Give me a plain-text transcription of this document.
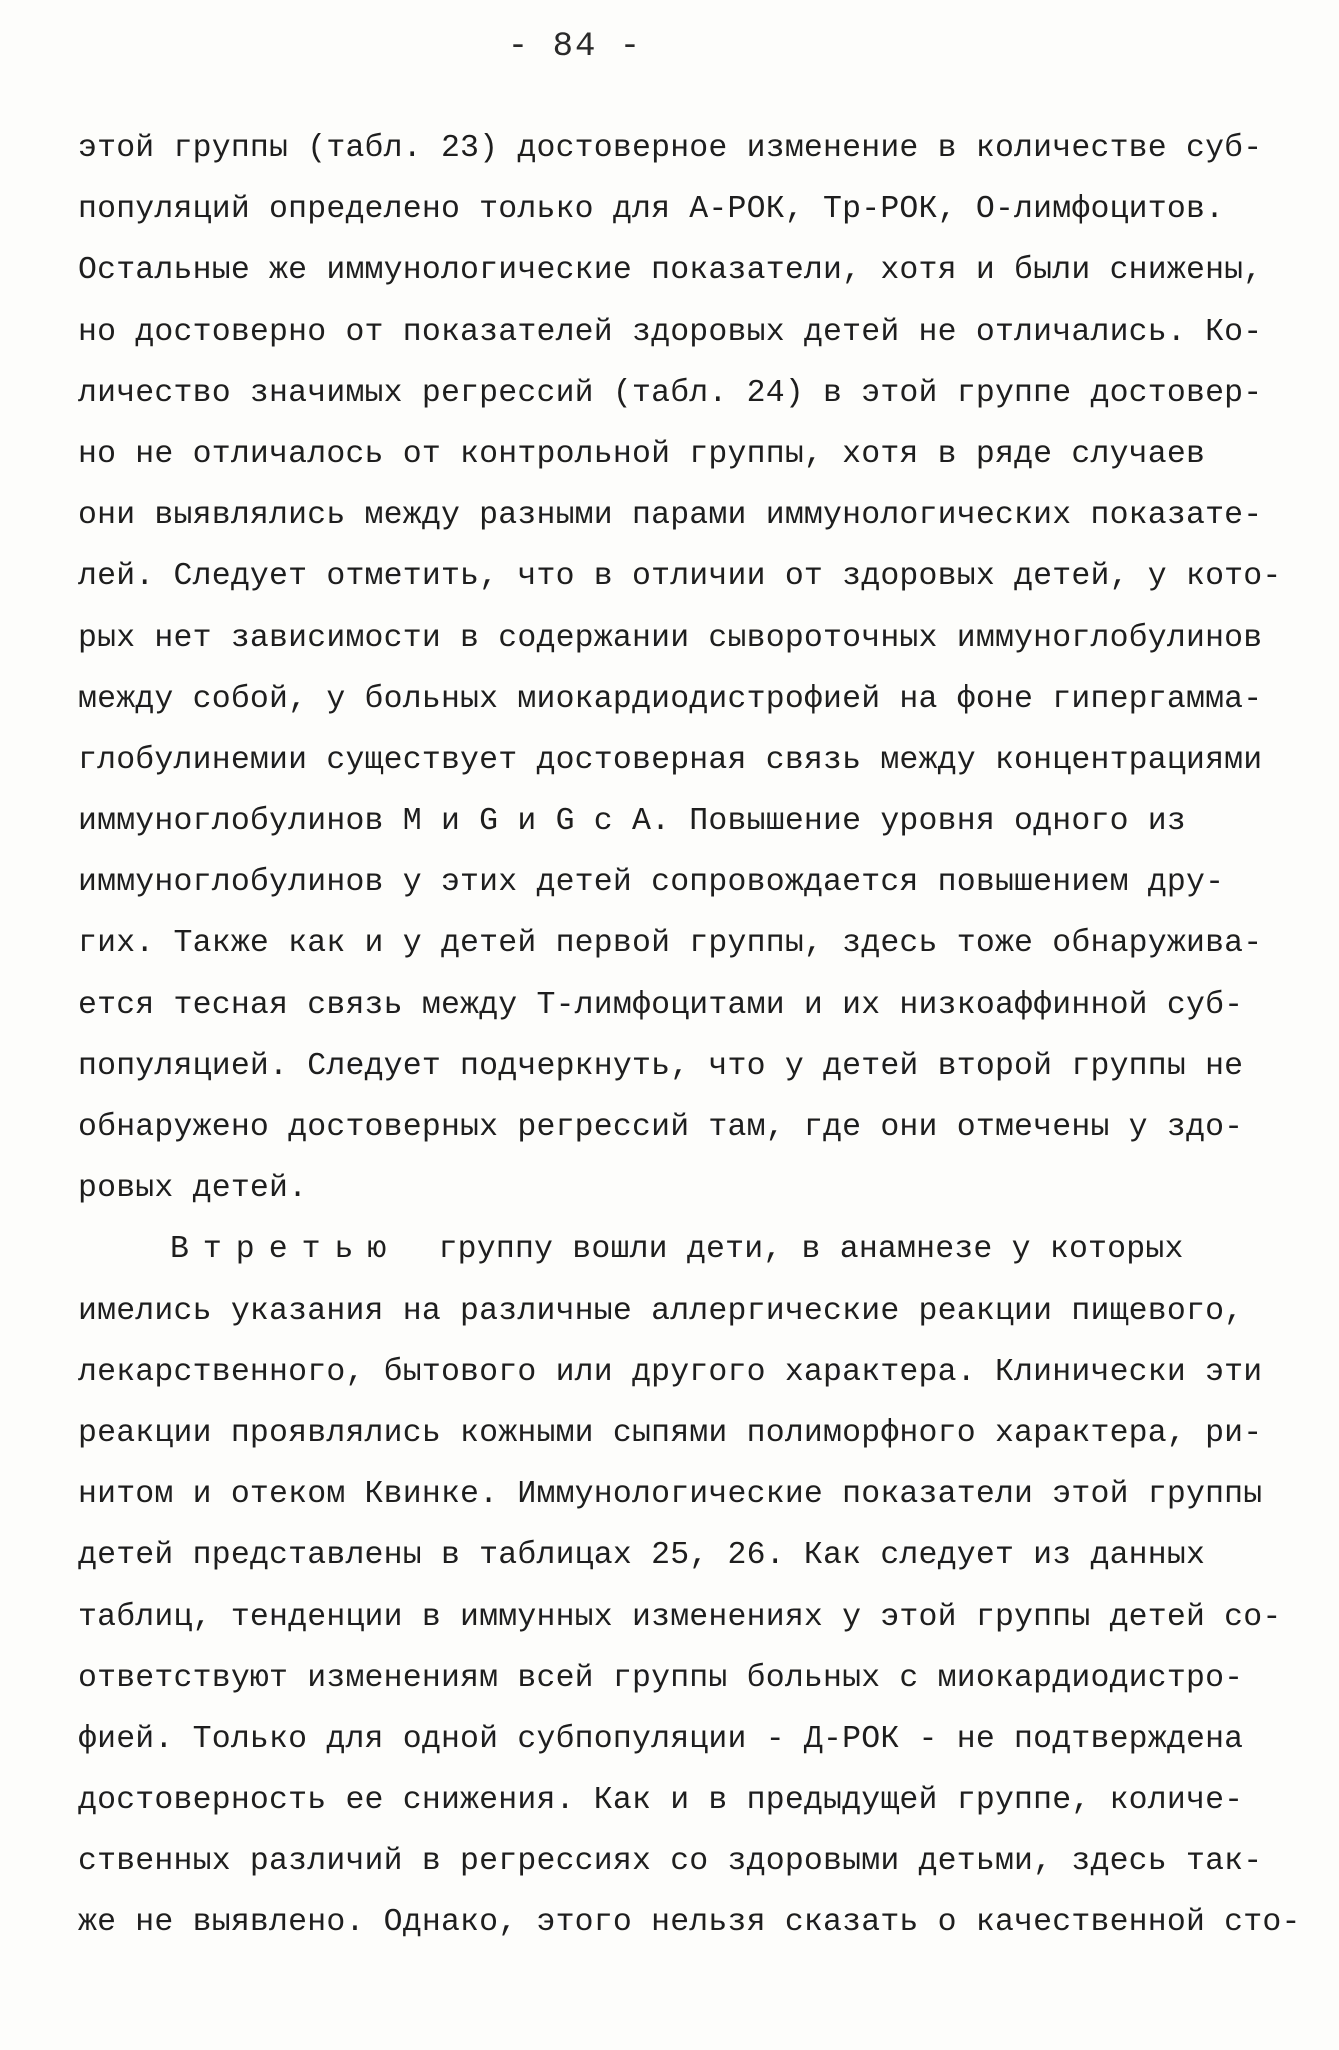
- 84 -
этой группы (табл. 23) достоверное изменение в количестве суб-
популяций определено только для А-РОК, Тр-РОК, О-лимфоцитов.
Остальные же иммунологические показатели, хотя и были снижены,
но достоверно от показателей здоровых детей не отличались. Ко-
личество значимых регрессий (табл. 24) в этой группе достовер-
но не отличалось от контрольной группы, хотя в ряде случаев
они выявлялись между разными парами иммунологических показате-
лей. Следует отметить, что в отличии от здоровых детей, у кото-
рых нет зависимости в содержании сывороточных иммуноглобулинов
между собой, у больных миокардиодистрофией на фоне гипергамма-
глобулинемии существует достоверная связь между концентрациями
иммуноглобулинов М и G и G с А. Повышение уровня одного из
иммуноглобулинов у этих детей сопровождается повышением дру-
гих. Также как и у детей первой группы, здесь тоже обнаружива-
ется тесная связь между Т-лимфоцитами и их низкоаффинной суб-
популяцией. Следует подчеркнуть, что у детей второй группы не
обнаружено достоверных регрессий там, где они отмечены у здо-
ровых детей.
Втретью группу вошли дети, в анамнезе у которых
имелись указания на различные аллергические реакции пищевого,
лекарственного, бытового или другого характера. Клинически эти
реакции проявлялись кожными сыпями полиморфного характера, ри-
нитом и отеком Квинке. Иммунологические показатели этой группы
детей представлены в таблицах 25, 26. Как следует из данных
таблиц, тенденции в иммунных изменениях у этой группы детей со-
ответствуют изменениям всей группы больных с миокардиодистро-
фией. Только для одной субпопуляции - Д-РОК - не подтверждена
достоверность ее снижения. Как и в предыдущей группе, количе-
ственных различий в регрессиях со здоровыми детьми, здесь так-
же не выявлено. Однако, этого нельзя сказать о качественной сто-
